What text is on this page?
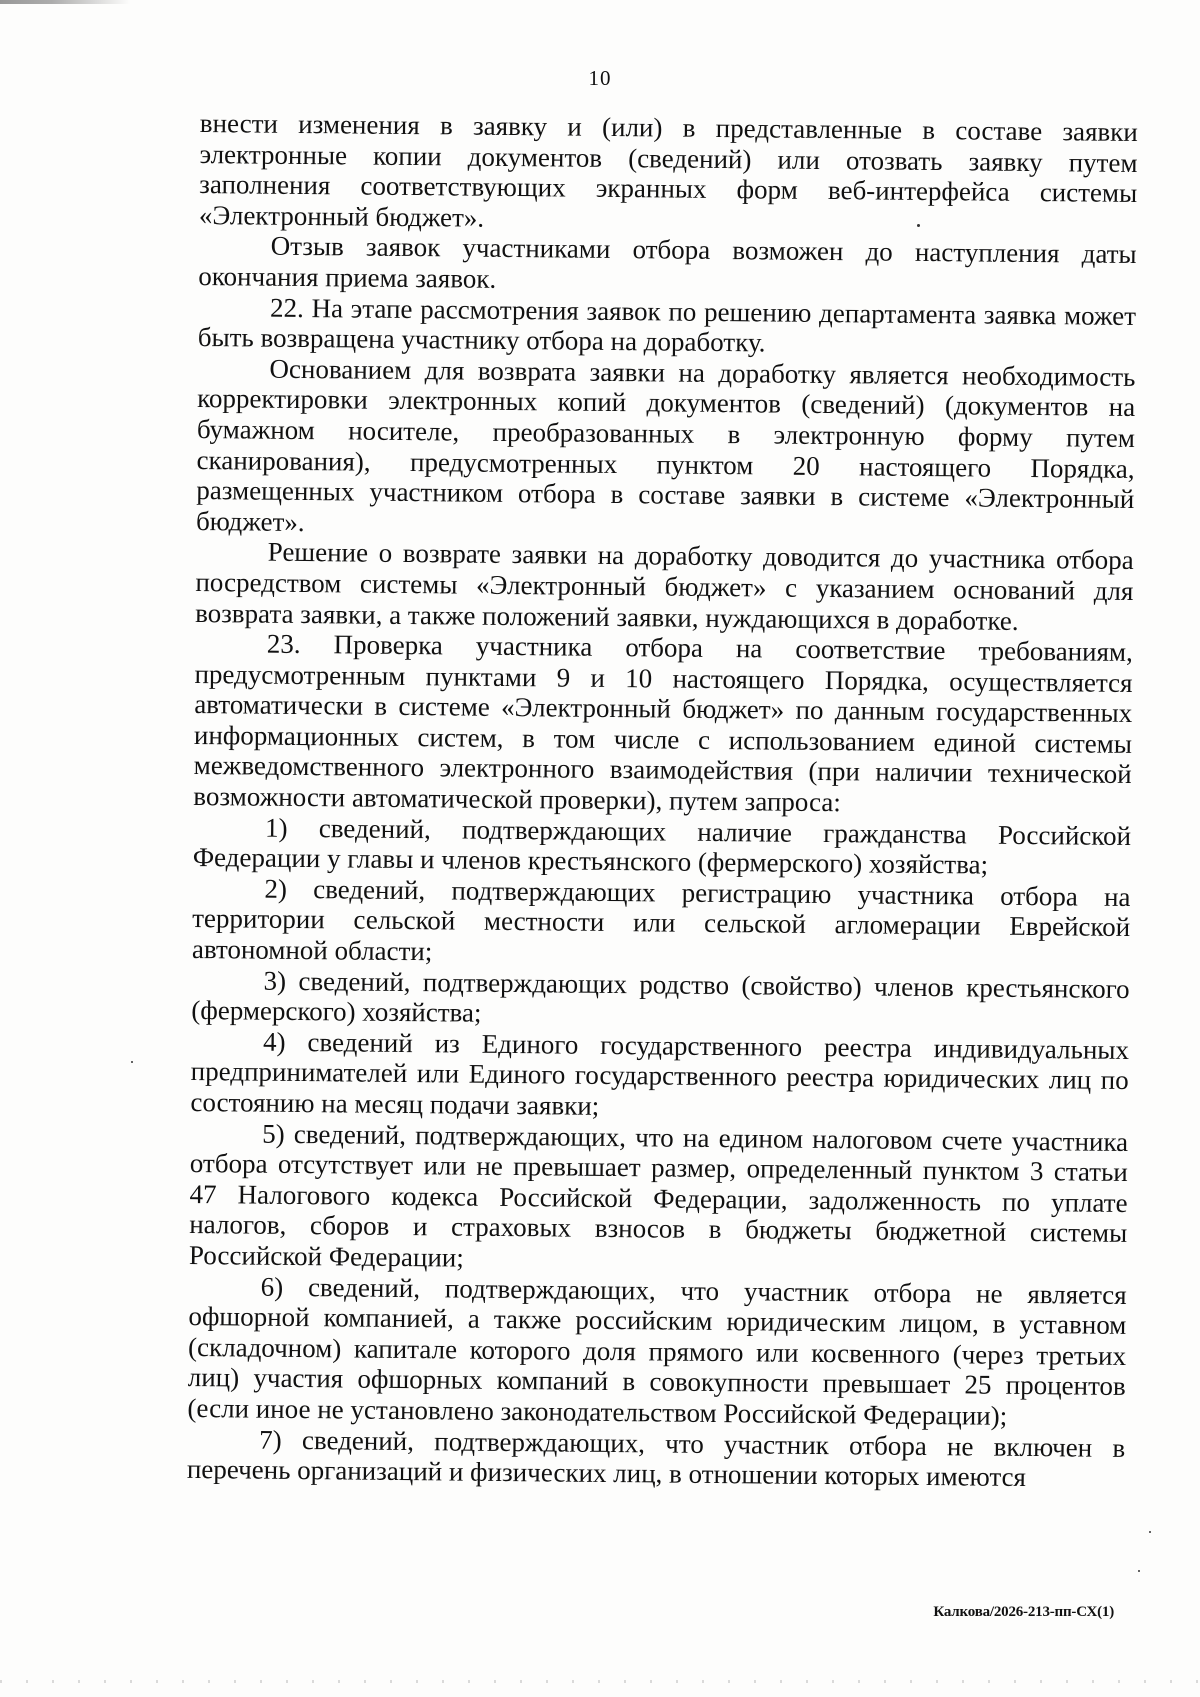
10

внести изменения в заявку и (или) в представленные в составе заявки электронные копии документов (сведений) или отозвать заявку путем заполнения соответствующих экранных форм веб-интерфейса системы «Электронный бюджет».

Отзыв заявок участниками отбора возможен до наступления даты окончания приема заявок.

22. На этапе рассмотрения заявок по решению департамента заявка может быть возвращена участнику отбора на доработку.

Основанием для возврата заявки на доработку является необходимость корректировки электронных копий документов (сведений) (документов на бумажном носителе, преобразованных в электронную форму путем сканирования), предусмотренных пунктом 20 настоящего Порядка, размещенных участником отбора в составе заявки в системе «Электронный бюджет».

Решение о возврате заявки на доработку доводится до участника отбора посредством системы «Электронный бюджет» с указанием оснований для возврата заявки, а также положений заявки, нуждающихся в доработке.

23. Проверка участника отбора на соответствие требованиям, предусмотренным пунктами 9 и 10 настоящего Порядка, осуществляется автоматически в системе «Электронный бюджет» по данным государственных информационных систем, в том числе с использованием единой системы межведомственного электронного взаимодействия (при наличии технической возможности автоматической проверки), путем запроса:

1) сведений, подтверждающих наличие гражданства Российской Федерации у главы и членов крестьянского (фермерского) хозяйства;

2) сведений, подтверждающих регистрацию участника отбора на территории сельской местности или сельской агломерации Еврейской автономной области;

3) сведений, подтверждающих родство (свойство) членов крестьянского (фермерского) хозяйства;

4) сведений из Единого государственного реестра индивидуальных предпринимателей или Единого государственного реестра юридических лиц по состоянию на месяц подачи заявки;

5) сведений, подтверждающих, что на едином налоговом счете участника отбора отсутствует или не превышает размер, определенный пунктом 3 статьи 47 Налогового кодекса Российской Федерации, задолженность по уплате налогов, сборов и страховых взносов в бюджеты бюджетной системы Российской Федерации;

6) сведений, подтверждающих, что участник отбора не является офшорной компанией, а также российским юридическим лицом, в уставном (складочном) капитале которого доля прямого или косвенного (через третьих лиц) участия офшорных компаний в совокупности превышает 25 процентов (если иное не установлено законодательством Российской Федерации);

7) сведений, подтверждающих, что участник отбора не включен в перечень организаций и физических лиц, в отношении которых имеются

Калкова/2026-213-пп-СХ(1)
